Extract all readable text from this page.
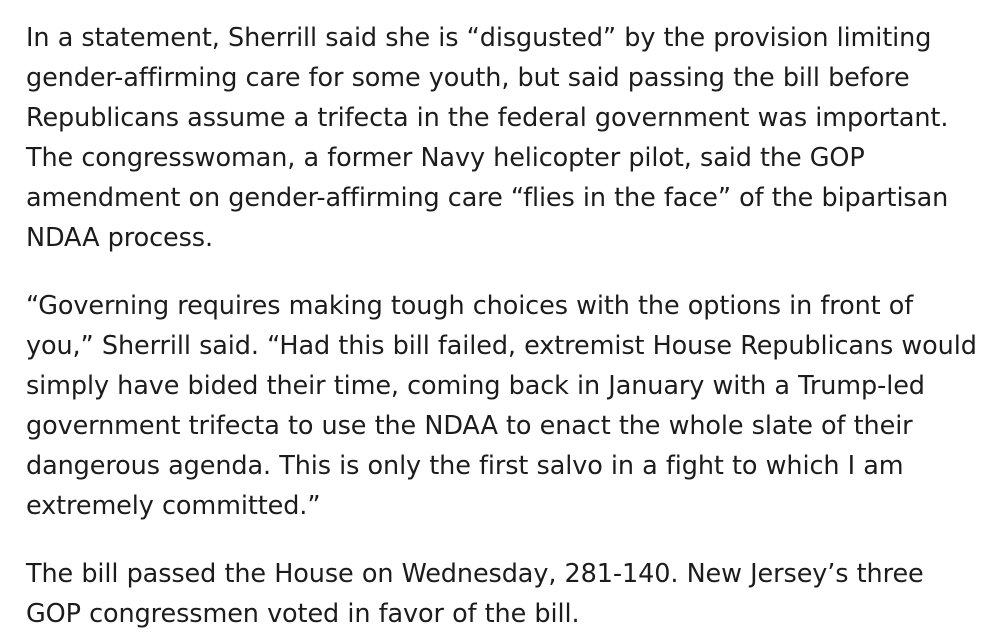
In a statement, Sherrill said she is “disgusted” by the provision limiting gender-affirming care for some youth, but said passing the bill before Republicans assume a trifecta in the federal government was important. The congresswoman, a former Navy helicopter pilot, said the GOP amendment on gender-affirming care “flies in the face” of the bipartisan NDAA process.

“Governing requires making tough choices with the options in front of you,” Sherrill said. “Had this bill failed, extremist House Republicans would simply have bided their time, coming back in January with a Trump-led government trifecta to use the NDAA to enact the whole slate of their dangerous agenda. This is only the first salvo in a fight to which I am extremely committed.”

The bill passed the House on Wednesday, 281-140. New Jersey’s three GOP congressmen voted in favor of the bill.
